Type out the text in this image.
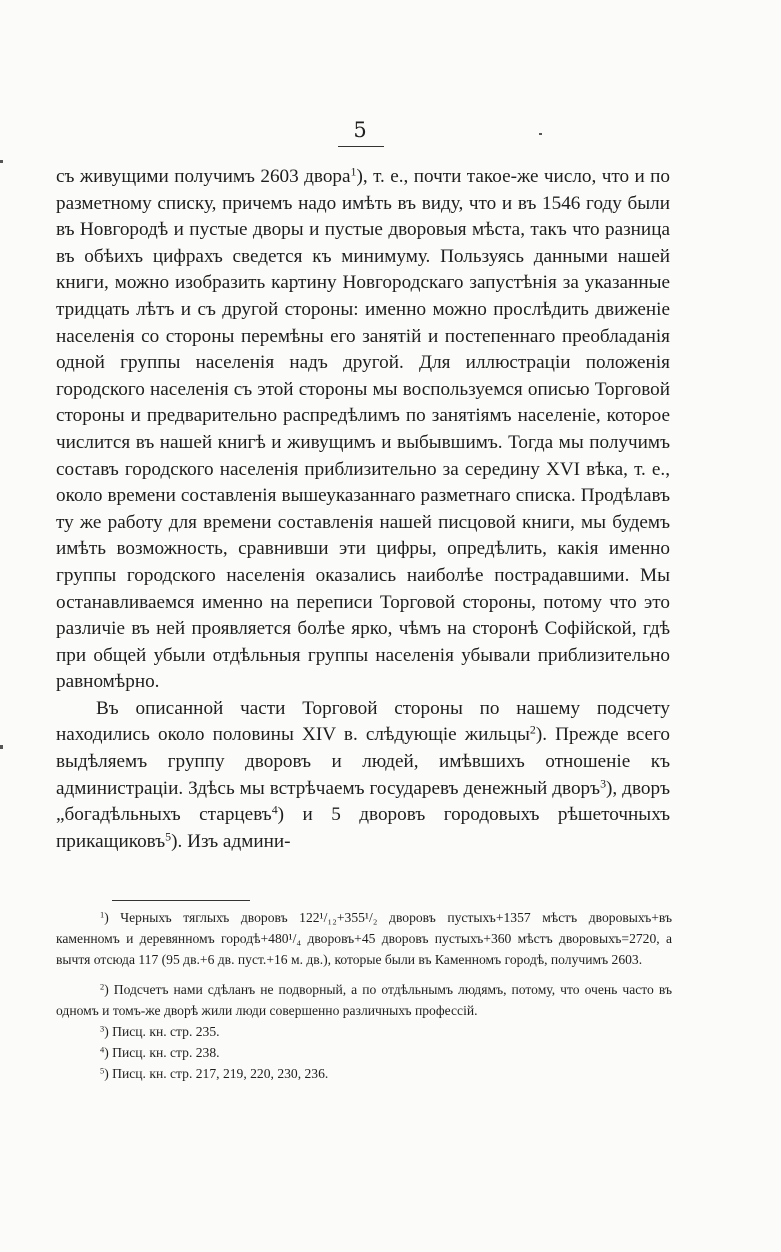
5

съ живущими получимъ 2603 двора$^1$), т. е., почти такое-же число, что и по разметному списку, причемъ надо имѣть въ виду, что и въ 1546 году были въ Новгородѣ и пустые дворы и пустые дворовыя мѣста, такъ что разница въ обѣихъ цифрахъ сведется къ минимуму. Пользуясь данными нашей книги, можно изобразить картину Новгородскаго запустѣнія за указанные тридцать лѣтъ и съ другой стороны: именно можно прослѣдить движеніе населенія со стороны перемѣны его занятій и постепеннаго преобладанія одной группы населенія надъ другой. Для иллюстраціи положенія городского населенія съ этой стороны мы воспользуемся описью Торговой стороны и предварительно распредѣлимъ по занятіямъ населеніе, которое числится въ нашей книгѣ и живущимъ и выбывшимъ. Тогда мы получимъ составъ городского населенія приблизительно за середину XVI вѣка, т. е., около времени составленія вышеуказаннаго разметнаго списка. Продѣлавъ ту же работу для времени составленія нашей писцовой книги, мы будемъ имѣть возможность, сравнивши эти цифры, опредѣлить, какія именно группы городского населенія оказались наиболѣе пострадавшими. Мы останавливаемся именно на переписи Торговой стороны, потому что это различіе въ ней проявляется болѣе ярко, чѣмъ на сторонѣ Софійской, гдѣ при общей убыли отдѣльныя группы населенія убывали приблизительно равномѣрно.

Въ описанной части Торговой стороны по нашему подсчету находились около половины XIV в. слѣдующіе жильцы$^2$). Прежде всего выдѣляемъ группу дворовъ и людей, имѣвшихъ отношеніе къ администраціи. Здѣсь мы встрѣчаемъ государевъ денежный дворъ$^3$), дворъ „богадѣльныхъ старцевъ$^4$) и 5 дворовъ городовыхъ рѣшеточныхъ прикащиковъ$^5$). Изъ админи-

$^1$) Черныхъ тяглыхъ дворовъ 122¹/₁₂+355¹/₂ дворовъ пустыхъ+1357 мѣстъ дворовыхъ+въ каменномъ и деревянномъ городѣ+480¹/₄ дворовъ+45 дворовъ пустыхъ+360 мѣстъ дворовыхъ=2720, а вычтя отсюда 117 (95 дв.+6 дв. пуст.+16 м. дв.), которые были въ Каменномъ городѣ, получимъ 2603.

$^2$) Подсчетъ нами сдѣланъ не подворный, а по отдѣльнымъ людямъ, потому, что очень часто въ одномъ и томъ-же дворѣ жили люди совершенно различныхъ профессій.

$^3$) Писц. кн. стр. 235.

$^4$) Писц. кн. стр. 238.

$^5$) Писц. кн. стр. 217, 219, 220, 230, 236.
